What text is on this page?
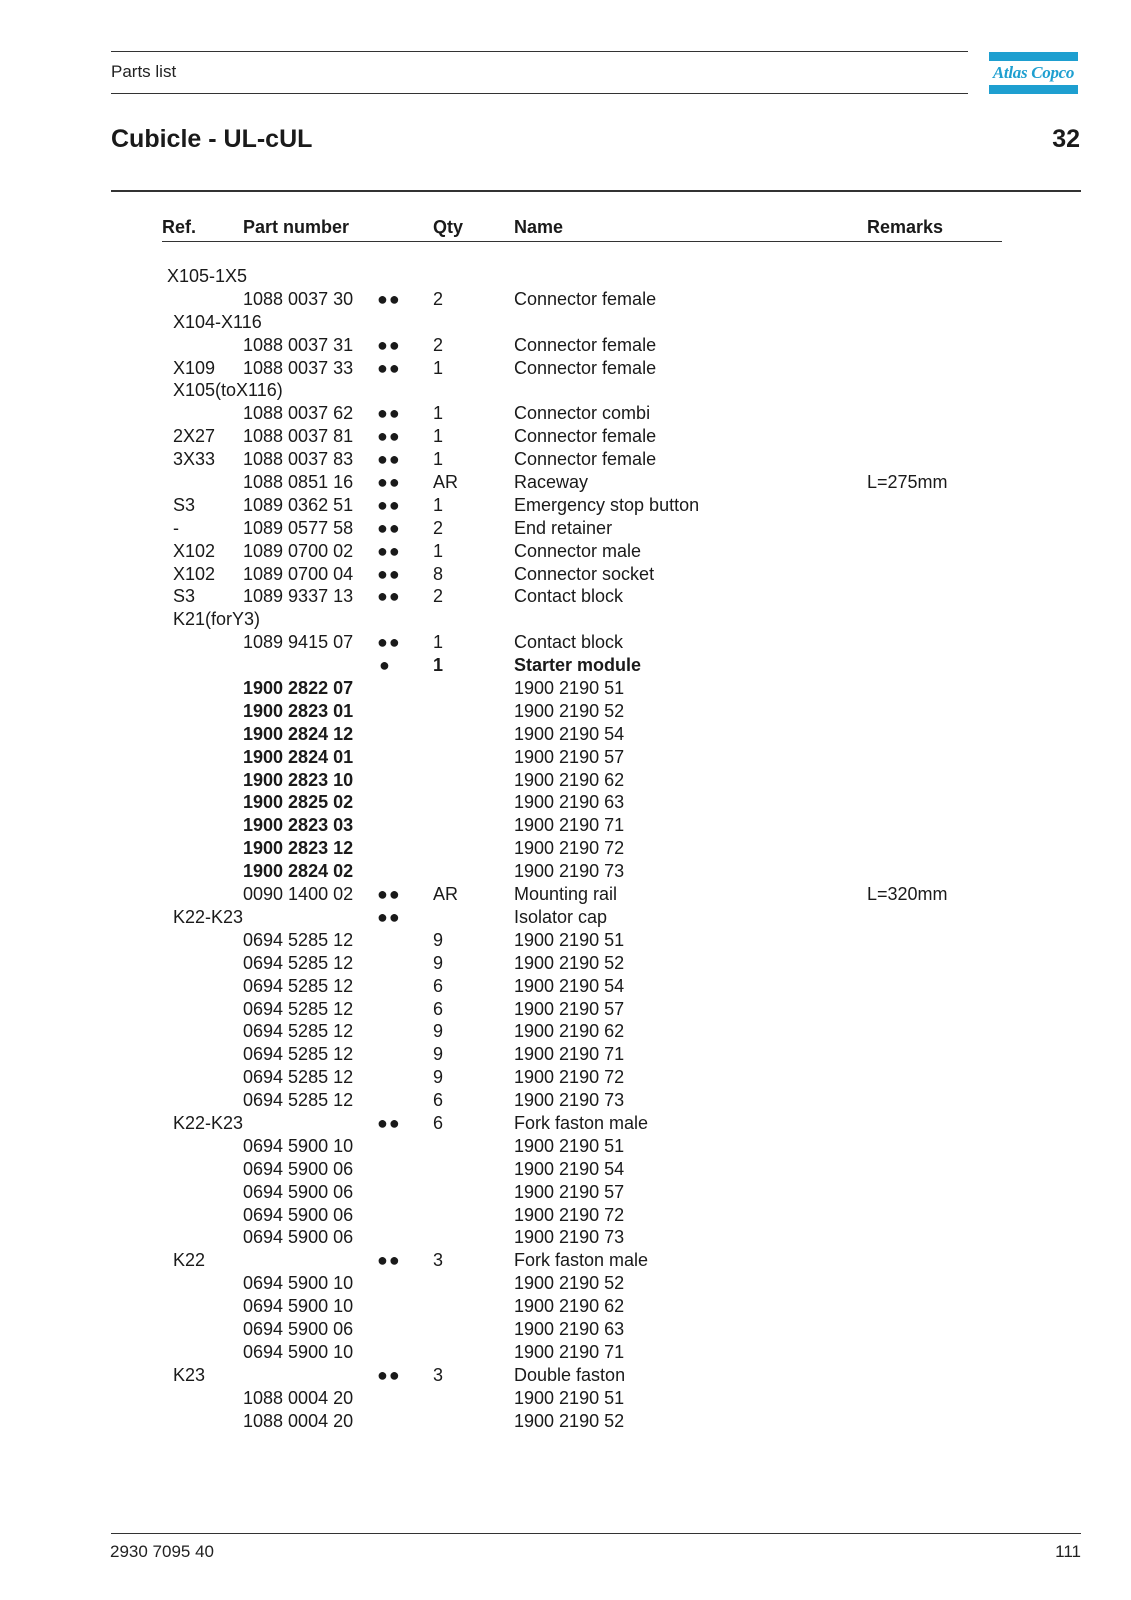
Parts list	Atlas Copco
Cubicle - UL-cUL	32
Ref.	Part number	Qty	Name	Remarks
X105-1X5
1088 0037 30 ●● 2	Connector female
X104-X116
1088 0037 31 ●● 2	Connector female
X109 1088 0037 33 ●● 1	Connector female
X105(toX116)
1088 0037 62 ●● 1	Connector combi
2X27 1088 0037 81 ●● 1	Connector female
3X33 1088 0037 83 ●● 1	Connector female
1088 0851 16 ●● AR	Raceway	L=275mm
S3	1089 0362 51 ●● 1	Emergency stop button
-	1089 0577 58 ●● 2	End retainer
X102 1089 0700 02 ●● 1	Connector male
X102 1089 0700 04 ●● 8	Connector socket
S3	1089 9337 13 ●● 2	Contact block
K21(forY3)
1089 9415 07 ●● 1	Contact block
● 1	Starter module
1900 2822 07	1900 2190 51
1900 2823 01	1900 2190 52
1900 2824 12	1900 2190 54
1900 2824 01	1900 2190 57
1900 2823 10	1900 2190 62
1900 2825 02	1900 2190 63
1900 2823 03	1900 2190 71
1900 2823 12	1900 2190 72
1900 2824 02	1900 2190 73
0090 1400 02 ●● AR	Mounting rail	L=320mm
K22-K23	●●	Isolator cap
0694 5285 12	9	1900 2190 51
0694 5285 12	9	1900 2190 52
0694 5285 12	6	1900 2190 54
0694 5285 12	6	1900 2190 57
0694 5285 12	9	1900 2190 62
0694 5285 12	9	1900 2190 71
0694 5285 12	9	1900 2190 72
0694 5285 12	6	1900 2190 73
K22-K23	●● 6	Fork faston male
0694 5900 10	1900 2190 51
0694 5900 06	1900 2190 54
0694 5900 06	1900 2190 57
0694 5900 06	1900 2190 72
0694 5900 06	1900 2190 73
K22	●● 3	Fork faston male
0694 5900 10	1900 2190 52
0694 5900 10	1900 2190 62
0694 5900 06	1900 2190 63
0694 5900 10	1900 2190 71
K23	●● 3	Double faston
1088 0004 20	1900 2190 51
1088 0004 20	1900 2190 52
2930 7095 40	111
